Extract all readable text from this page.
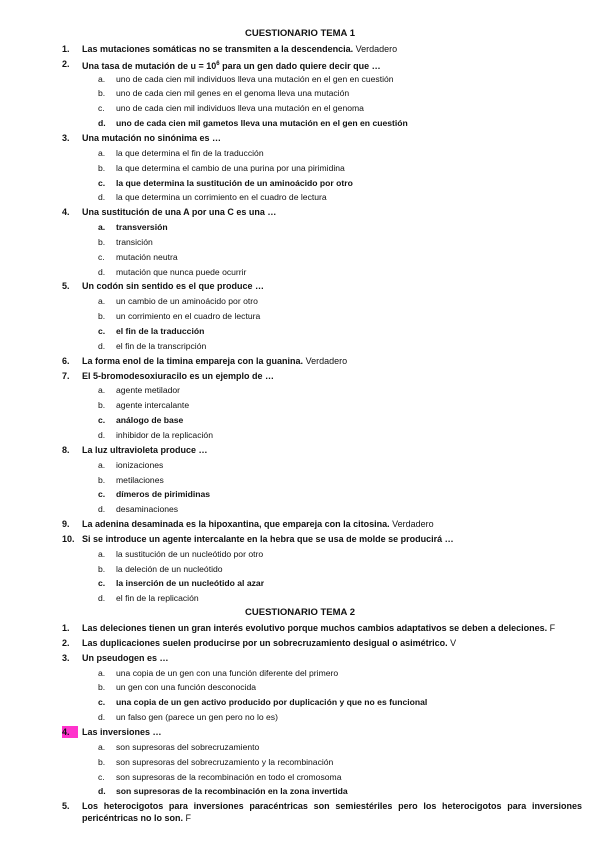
CUESTIONARIO TEMA 1
1.	Las mutaciones somáticas no se transmiten a la descendencia. Verdadero
2.	Una tasa de mutación de $u = 10^6$ para un gen dado quiere decir que …
a.	uno de cada cien mil individuos lleva una mutación en el gen en cuestión
b.	uno de cada cien mil genes en el genoma lleva una mutación
c.	uno de cada cien mil individuos lleva una mutación en el genoma
d.	uno de cada cien mil gametos lleva una mutación en el gen en cuestión
3.	Una mutación no sinónima es …
a.	la que determina el fin de la traducción
b.	la que determina el cambio de una purina por una pirimidina
c.	la que determina la sustitución de un aminoácido por otro
d.	la que determina un corrimiento en el cuadro de lectura
4.	Una sustitución de una A por una C es una …
a.	transversión
b.	transición
c.	mutación neutra
d.	mutación que nunca puede ocurrir
5.	Un codón sin sentido es el que produce …
a.	un cambio de un aminoácido por otro
b.	un corrimiento en el cuadro de lectura
c.	el fin de la traducción
d.	el fin de la transcripción
6.	La forma enol de la timina empareja con la guanina. Verdadero
7.	El 5-bromodesoxiuracilo es un ejemplo de …
a.	agente metilador
b.	agente intercalante
c.	análogo de base
d.	inhibidor de la replicación
8.	La luz ultravioleta produce …
a.	ionizaciones
b.	metilaciones
c.	dímeros de pirimidinas
d.	desaminaciones
9.	La adenina desaminada es la hipoxantina, que empareja con la citosina. Verdadero
10. Si se introduce un agente intercalante en la hebra que se usa de molde se producirá …
a.	la sustitución de un nucleótido por otro
b.	la deleción de un nucleótido
c.	la inserción de un nucleótido al azar
d.	el fin de la replicación
CUESTIONARIO TEMA 2
1.	Las deleciones tienen un gran interés evolutivo porque muchos cambios adaptativos se deben a deleciones. F
2.	Las duplicaciones suelen producirse por un sobrecruzamiento desigual o asimétrico. V
3.	Un pseudogen es …
a.	una copia de un gen con una función diferente del primero
b.	un gen con una función desconocida
c.	una copia de un gen activo producido por duplicación y que no es funcional
d.	un falso gen (parece un gen pero no lo es)
4.	Las inversiones …
a.	son supresoras del sobrecruzamiento
b.	son supresoras del sobrecruzamiento y la recombinación
c.	son supresoras de la recombinación en todo el cromosoma
d.	son supresoras de la recombinación en la zona invertida
5.	Los heterocigotos para inversiones paracéntricas son semiestériles pero los heterocigotos para inversiones pericéntricas no lo son. F
